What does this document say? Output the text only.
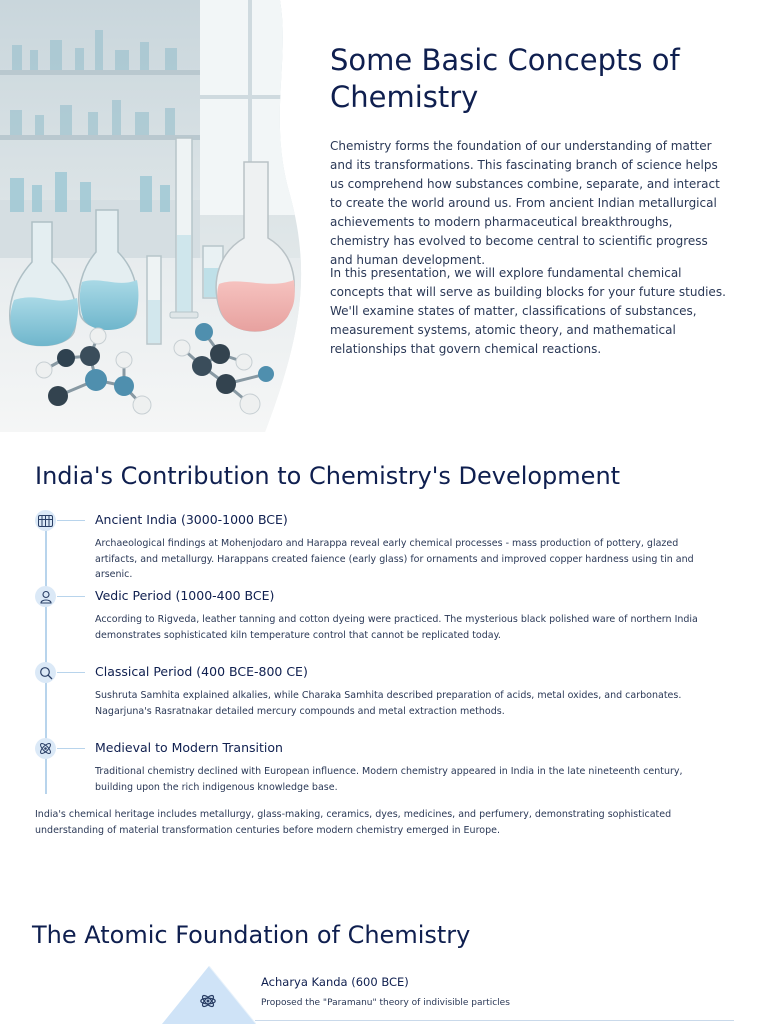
Some Basic Concepts of Chemistry

Chemistry forms the foundation of our understanding of matter and its transformations. This fascinating branch of science helps us comprehend how substances combine, separate, and interact to create the world around us. From ancient Indian metallurgical achievements to modern pharmaceutical breakthroughs, chemistry has evolved to become central to scientific progress and human development.

In this presentation, we will explore fundamental chemical concepts that will serve as building blocks for your future studies. We'll examine states of matter, classifications of substances, measurement systems, atomic theory, and mathematical relationships that govern chemical reactions.

India's Contribution to Chemistry's Development
Ancient India (3000-1000 BCE)

Archaeological findings at Mohenjodaro and Harappa reveal early chemical processes - mass production of pottery, glazed artifacts, and metallurgy. Harappans created faience (early glass) for ornaments and improved copper hardness using tin and arsenic.

Vedic Period (1000-400 BCE)

According to Rigveda, leather tanning and cotton dyeing were practiced. The mysterious black polished ware of northern India demonstrates sophisticated kiln temperature control that cannot be replicated today.

Classical Period (400 BCE-800 CE)

Sushruta Samhita explained alkalies, while Charaka Samhita described preparation of acids, metal oxides, and carbonates. Nagarjuna's Rasratnakar detailed mercury compounds and metal extraction methods.

Medieval to Modern Transition

Traditional chemistry declined with European influence. Modern chemistry appeared in India in the late nineteenth century, building upon the rich indigenous knowledge base.

India's chemical heritage includes metallurgy, glass-making, ceramics, dyes, medicines, and perfumery, demonstrating sophisticated understanding of material transformation centuries before modern chemistry emerged in Europe.

The Atomic Foundation of Chemistry
Acharya Kanda (600 BCE)

Proposed the "Paramanu" theory of indivisible particles
